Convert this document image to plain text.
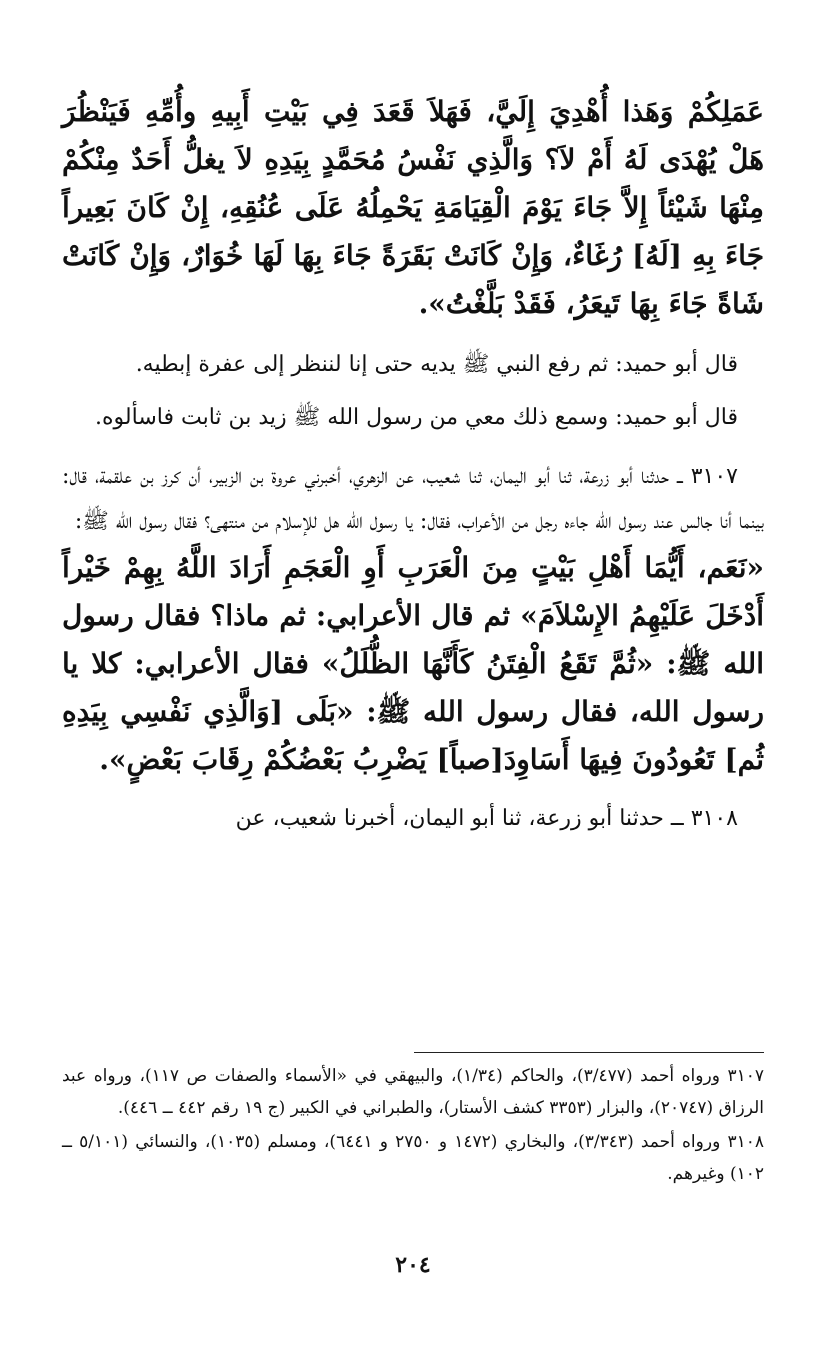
عَمَلِكُمْ وَهَذا أُهْدِيَ إِلَيَّ، فَهَلاَ قَعَدَ فِي بَيْتِ أَبِيهِ وأُمِّهِ فَيَنْظُرَ هَلْ يُهْدَى لَهُ أَمْ لاَ؟ وَالَّذِي نَفْسُ مُحَمَّدٍ بِيَدِهِ لاَ يغلُّ أَحَدٌ مِنْكُمْ مِنْهَا شَيْئاً إِلاَّ جَاءَ يَوْمَ الْقِيَامَةِ يَحْمِلُهُ عَلَى عُنُقِهِ، إِنْ كَانَ بَعِيراً جَاءَ بِهِ [لَهُ] رُغَاءٌ، وَإِنْ كَانَتْ بَقَرَةً جَاءَ بِهَا لَهَا خُوَارٌ، وَإِنْ كَانَتْ شَاةً جَاءَ بِهَا تَيعَرُ، فَقَدْ بَلَّغْتُ».

قال أبو حميد: ثم رفع النبي ﷺ يديه حتى إنا لننظر إلى عفرة إبطيه.

قال أبو حميد: وسمع ذلك معي من رسول الله ﷺ زيد بن ثابت فاسألوه.

٣١٠٧ ــ حدثنا أبو زرعة، ثنا أبو اليمان، ثنا شعيب، عن الزهري، أخبرني عروة بن الزبير، أن كرز بن علقمة، قال: بينما أنا جالس عند رسول الله جاءه رجل من الأعراب، فقال: يا رسول الله هل للإسلام من منتهى؟ فقال رسول الله ﷺ:

«نَعَم، أَيُّمَا أَهْلِ بَيْتٍ مِنَ الْعَرَبِ أَوِ الْعَجَمِ أَرَادَ اللَّهُ بِهِمْ خَيْراً أَدْخَلَ عَلَيْهِمُ الإِسْلاَمَ» ثم قال الأعرابي: ثم ماذا؟ فقال رسول الله ﷺ: «ثُمَّ تَقَعُ الْفِتَنُ كَأَنَّهَا الظُّلَلُ» فقال الأعرابي: كلا يا رسول الله، فقال رسول الله ﷺ: «بَلَى [وَالَّذِي نَفْسِي بِيَدِهِ ثُم] تَعُودُونَ فِيهَا أَسَاوِدَ[صباً] يَضْرِبُ بَعْضُكُمْ رِقَابَ بَعْضٍ».

٣١٠٨ ــ حدثنا أبو زرعة، ثنا أبو اليمان، أخبرنا شعيب، عن

٣١٠٧ ورواه أحمد (٣/٤٧٧)، والحاكم (١/٣٤)، والبيهقي في «الأسماء والصفات ص ١١٧)، ورواه عبد الرزاق (٢٠٧٤٧)، والبزار (٣٣٥٣ كشف الأستار)، والطبراني في الكبير (ج ١٩ رقم ٤٤٢ ــ ٤٤٦).

٣١٠٨ ورواه أحمد (٣/٣٤٣)، والبخاري (١٤٧٢ و ٢٧٥٠ و ٦٤٤١)، ومسلم (١٠٣٥)، والنسائي (٥/١٠١ ــ ١٠٢) وغيرهم.

٢٠٤
